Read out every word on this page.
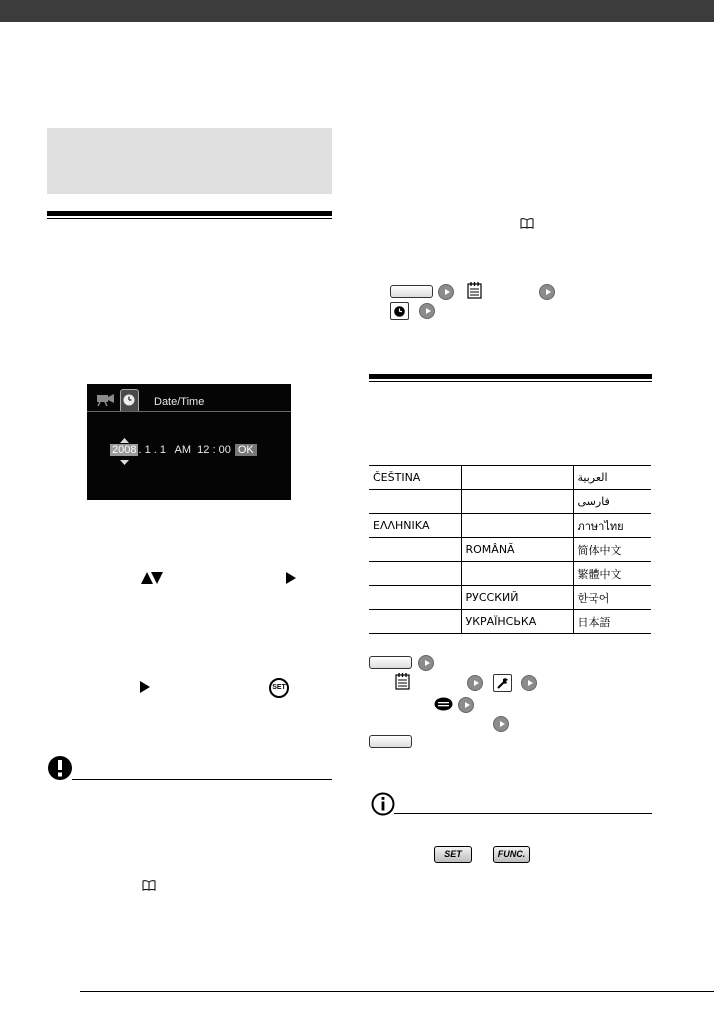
Date/Time
2008 . 1 . 1   AM  12 : 00 OK
SET
ČEŠTINA		العربية
		فارسی
ΕΛΛΗΝΙΚΑ		ภาษาไทย
	ROMÂNĂ	简体中文
		繁體中文
	РУССКИЙ	한국어
	УКРАЇНСЬКА	日本語
SET	FUNC.
